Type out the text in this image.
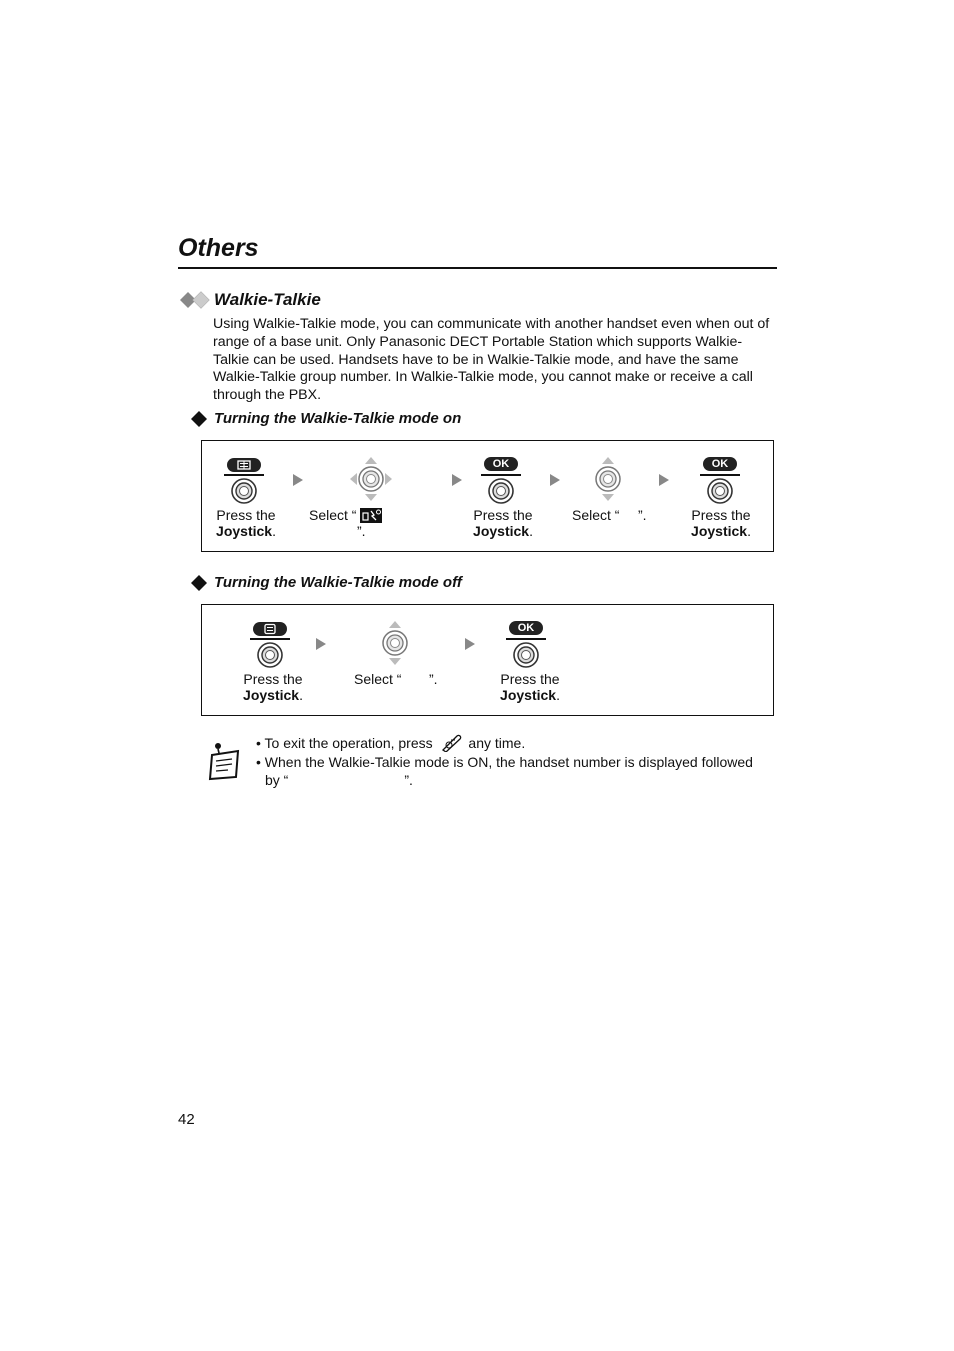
Others
Walkie-Talkie
Using Walkie-Talkie mode, you can communicate with another handset even when out of range of a base unit. Only Panasonic DECT Portable Station which supports Walkie-Talkie can be used. Handsets have to be in Walkie-Talkie mode, and have the same Walkie-Talkie group number. In Walkie-Talkie mode, you cannot make or receive a call through the PBX.
Turning the Walkie-Talkie mode on
Press the
Joystick.
Select “
”.
OK
Press the
Joystick.
Select “	”.
OK
Press the
Joystick.
Turning the Walkie-Talkie mode off
Press the
Joystick.
Select “	”.
OK
Press the
Joystick.
• To exit the operation, press	any time.
• When the Walkie-Talkie mode is ON, the handset number is displayed followed
by “	”.
42
